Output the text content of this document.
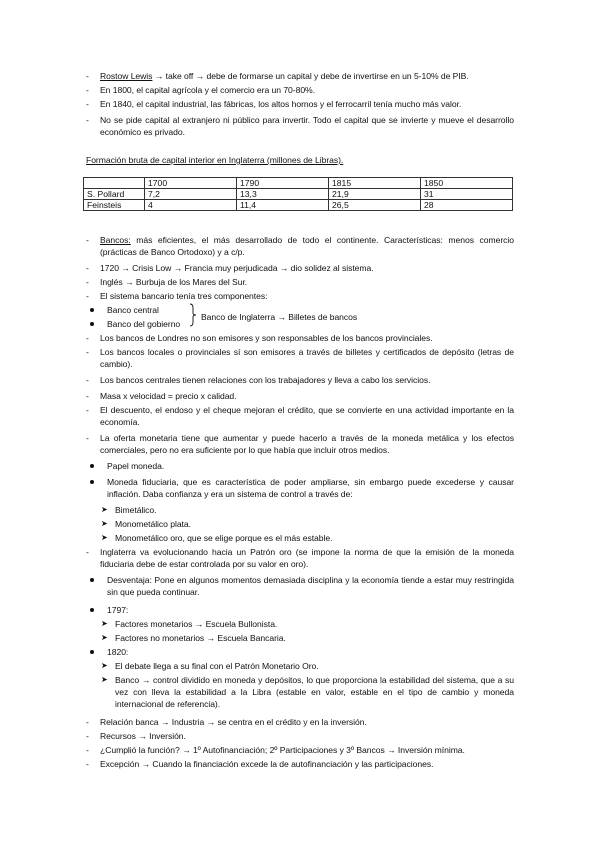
- Rostow Lewis → take off → debe de formarse un capital y debe de invertirse en un 5-10% de PIB.
- En 1800, el capital agrícola y el comercio era un 70-80%.
- En 1840, el capital industrial, las fábricas, los altos hornos y el ferrocarril tenía mucho más valor.
- No se pide capital al extranjero ni público para invertir. Todo el capital que se invierte y mueve el desarrollo económico es privado.
Formación bruta de capital interior en Inglaterra (millones de Libras).
	1700	1790	1815	1850
S. Pollard	7,2	13,3	21,9	31
Feinsteis	4	11,4	26,5	28
- Bancos: más eficientes, el más desarrollado de todo el continente. Características: menos comercio (prácticas de Banco Ortodoxo) y a c/p.
- 1720 → Crisis Low → Francia muy perjudicada → dio solidez al sistema.
- Inglés → Burbuja de los Mares del Sur.
- El sistema bancario tenía tres componentes:
Banco central
Banco del gobierno
Banco de Inglaterra → Billetes de bancos
- Los bancos de Londres no son emisores y son responsables de los bancos provinciales.
- Los bancos locales o provinciales sí son emisores a través de billetes y certificados de depósito (letras de cambio).
- Los bancos centrales tienen relaciones con los trabajadores y lleva a cabo los servicios.
- Masa x velocidad = precio x calidad.
- El descuento, el endoso y el cheque mejoran el crédito, que se convierte en una actividad importante en la economía.
- La oferta monetaria tiene que aumentar y puede hacerlo a través de la moneda metálica y los efectos comerciales, pero no era suficiente por lo que había que incluir otros medios.
Papel moneda.
Moneda fiduciaria, que es característica de poder ampliarse, sin embargo puede excederse y causar inflación. Daba confianza y era un sistema de control a través de:
➤ Bimetálico.
➤ Monometálico plata.
➤ Monometálico oro, que se elige porque es el más estable.
- Inglaterra va evolucionando hacia un Patrón oro (se impone la norma de que la emisión de la moneda fiduciaria debe de estar controlada por su valor en oro).
Desventaja: Pone en algunos momentos demasiada disciplina y la economía tiende a estar muy restringida sin que pueda continuar.
1797:
➤ Factores monetarios → Escuela Bullonista.
➤ Factores no monetarios → Escuela Bancaria.
1820:
➤ El debate llega a su final con el Patrón Monetario Oro.
➤ Banco → control dividido en moneda y depósitos, lo que proporciona la estabilidad del sistema, que a su vez con lleva la estabilidad a la Libra (estable en valor, estable en el tipo de cambio y moneda internacional de referencia).
- Relación banca → Industria → se centra en el crédito y en la inversión.
- Recursos → Inversión.
- ¿Cumplió la función? → 1º Autofinanciación; 2º Participaciones y 3º Bancos → Inversión mínima.
- Excepción → Cuando la financiación excede la de autofinanciación y las participaciones.
